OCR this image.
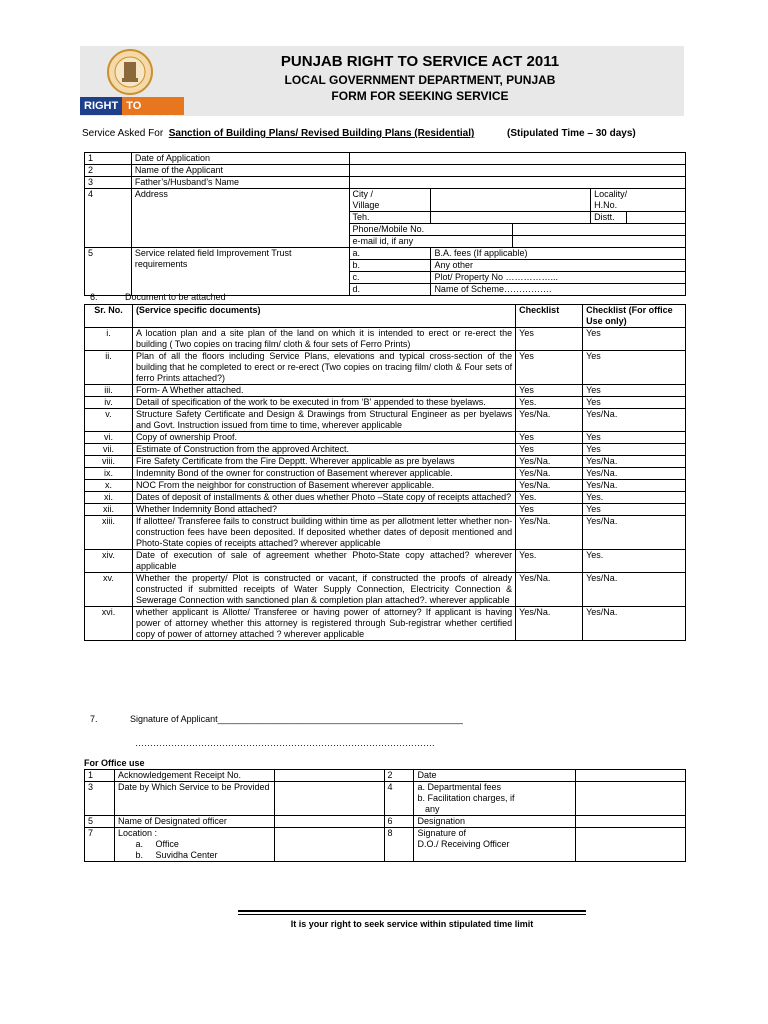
RIGHT TO SERVICE
PUNJAB RIGHT TO SERVICE ACT 2011
LOCAL GOVERNMENT DEPARTMENT, PUNJAB
FORM FOR SEEKING SERVICE
Service Asked For Sanction of Building Plans/ Revised Building Plans (Residential)	(Stipulated Time – 30 days)
1	Date of Application					
2	Name of the Applicant					
3	Father’s/Husband’s Name					
4	Address	City /
Village			Locality/
H.No.	
		Teh.			Distt.	
		Phone/Mobile No.				
		e-mail id, if any				
5	Service related field Improvement Trust requirements	a.	B.A. fees (If applicable)			
		b.	Any other			
		c.	Plot/ Property No ……………...			
		d.	Name of Scheme…………….			
6.	Document to be attached
Sr. No.	(Service specific documents)	Checklist	Checklist (For office Use only)
i.	A location plan and a site plan of the land on which it is intended to erect or re-erect the building ( Two copies on tracing film/ cloth & four sets of Ferro Prints)	Yes	Yes
ii.	Plan of all the floors including Service Plans, elevations and typical cross-section of the building that he completed to erect or re-erect (Two copies on tracing film/ cloth & Four sets of ferro Prints attached?)	Yes	Yes
iii.	Form- A Whether attached.	Yes	Yes
iv.	Detail of specification of the work to be executed in from ‘B’ appended to these byelaws.	Yes.	Yes
v.	Structure Safety Certificate and Design & Drawings from Structural Engineer as per byelaws and Govt. Instruction issued from time to time, wherever applicable	Yes/Na.	Yes/Na.
vi.	Copy of ownership Proof.	Yes	Yes
vii.	Estimate of Construction from the approved Architect.	Yes	Yes
viii.	Fire Safety Certificate from the Fire Depptt. Wherever applicable as pre byelaws	Yes/Na.	Yes/Na.
ix.	Indemnity Bond of the owner for construction of Basement wherever applicable.	Yes/Na.	Yes/Na.
x.	NOC From the neighbor for construction of Basement wherever applicable.	Yes/Na.	Yes/Na.
xi.	Dates of deposit of installments & other dues whether Photo –State copy of receipts attached?	Yes.	Yes.
xii.	Whether Indemnity Bond attached?	Yes	Yes
xiii.	If allottee/ Transferee fails to construct building within time as per allotment letter whether non-construction fees have been deposited. If deposited whether dates of deposit mentioned and Photo-State copies of receipts attached? wherever applicable	Yes/Na.	Yes/Na.
xiv.	Date of execution of sale of agreement whether Photo-State copy attached? wherever applicable	Yes.	Yes.
xv.	Whether the property/ Plot is constructed or vacant, if constructed the proofs of already constructed if submitted receipts of Water Supply Connection, Electricity Connection & Sewerage Connection with sanctioned plan & completion plan attached?. wherever applicable	Yes/Na.	Yes/Na.
xvi.	whether applicant is Allotte/ Transferee or having power of attorney? If applicant is having power of attorney whether this attorney is registered through Sub-registrar whether certified copy of power of attorney attached ? wherever applicable	Yes/Na.	Yes/Na.
7.	Signature of Applicant_________________________________________________
……………………………………………………………………………………….
For Office use
1	Acknowledgement Receipt No.		2	Date	
3	Date by Which Service to be Provided		4	a. Departmental fees
b. Facilitation charges, if
any	
5	Name of Designated officer		6	Designation	
7	Location :
a. Office
b. Suvidha Center		8	Signature of
D.O./ Receiving Officer	
It is your right to seek service within stipulated time limit
